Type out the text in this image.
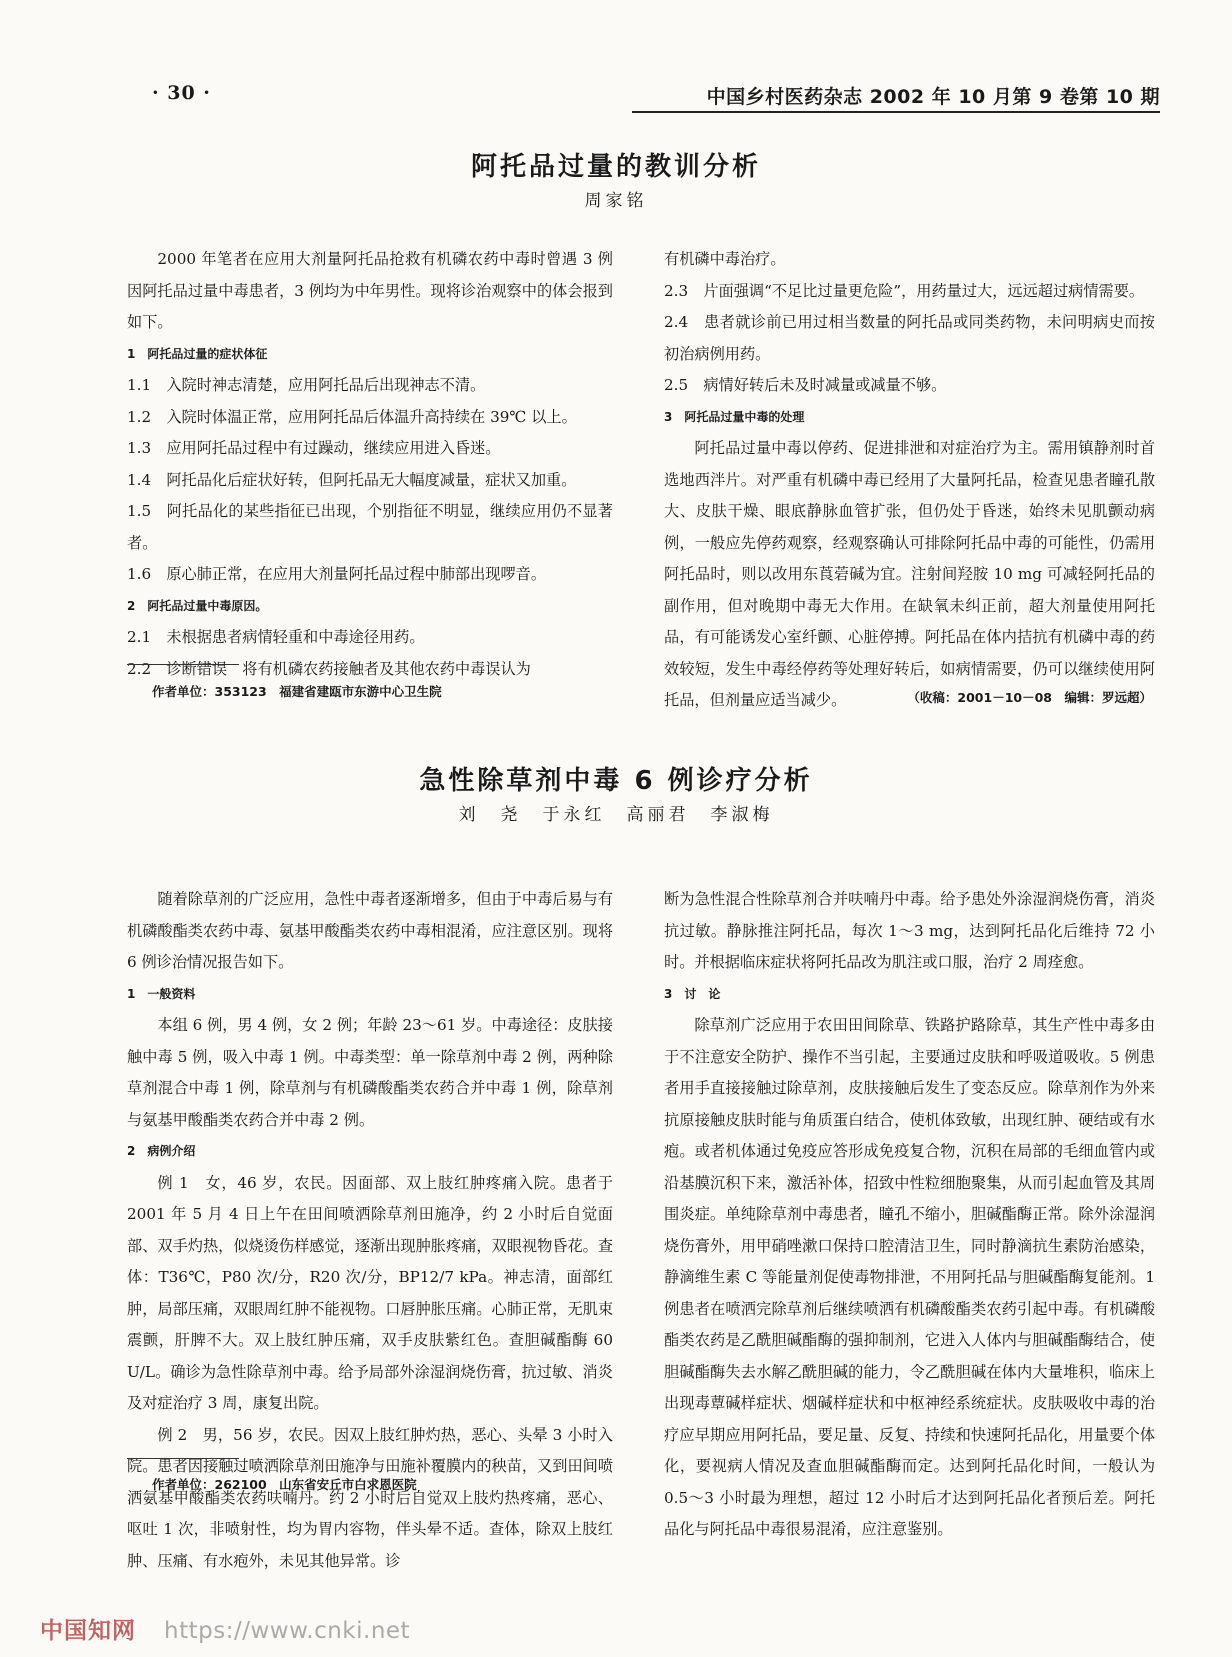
· 30 ·	中国乡村医药杂志 2002 年 10 月第 9 卷第 10 期
阿托品过量的教训分析
周家铭

2000 年笔者在应用大剂量阿托品抢救有机磷农药中毒时曾遇 3 例因阿托品过量中毒患者，3 例均为中年男性。现将诊治观察中的体会报到如下。

1　阿托品过量的症状体征

1.1　入院时神志清楚，应用阿托品后出现神志不清。

1.2　入院时体温正常，应用阿托品后体温升高持续在 39℃ 以上。

1.3　应用阿托品过程中有过躁动，继续应用进入昏迷。

1.4　阿托品化后症状好转，但阿托品无大幅度减量，症状又加重。

1.5　阿托品化的某些指征已出现，个别指征不明显，继续应用仍不显著者。

1.6　原心肺正常，在应用大剂量阿托品过程中肺部出现啰音。

2　阿托品过量中毒原因。

2.1　未根据患者病情轻重和中毒途径用药。

2.2　诊断错误　将有机磷农药接触者及其他农药中毒误认为

有机磷中毒治疗。

2.3　片面强调“不足比过量更危险”，用药量过大，远远超过病情需要。

2.4　患者就诊前已用过相当数量的阿托品或同类药物，未问明病史而按初治病例用药。

2.5　病情好转后未及时减量或减量不够。

3　阿托品过量中毒的处理

阿托品过量中毒以停药、促进排泄和对症治疗为主。需用镇静剂时首选地西泮片。对严重有机磷中毒已经用了大量阿托品，检查见患者瞳孔散大、皮肤干燥、眼底静脉血管扩张，但仍处于昏迷，始终未见肌颤动病例，一般应先停药观察，经观察确认可排除阿托品中毒的可能性，仍需用阿托品时，则以改用东莨菪碱为宜。注射间羟胺 10 mg 可减轻阿托品的副作用，但对晚期中毒无大作用。在缺氧未纠正前，超大剂量使用阿托品，有可能诱发心室纤颤、心脏停搏。阿托品在体内拮抗有机磷中毒的药效较短，发生中毒经停药等处理好转后，如病情需要，仍可以继续使用阿托品，但剂量应适当减少。

作者单位：353123　福建省建瓯市东游中心卫生院	（收稿：2001－10－08　编辑：罗远超）
急性除草剂中毒 6 例诊疗分析
刘　尧　于永红　高丽君　李淑梅

随着除草剂的广泛应用，急性中毒者逐渐增多，但由于中毒后易与有机磷酸酯类农药中毒、氨基甲酸酯类农药中毒相混淆，应注意区别。现将 6 例诊治情况报告如下。

1　一般资料

本组 6 例，男 4 例，女 2 例；年龄 23～61 岁。中毒途径：皮肤接触中毒 5 例，吸入中毒 1 例。中毒类型：单一除草剂中毒 2 例，两种除草剂混合中毒 1 例，除草剂与有机磷酸酯类农药合并中毒 1 例，除草剂与氨基甲酸酯类农药合并中毒 2 例。

2　病例介绍

例 1　女，46 岁，农民。因面部、双上肢红肿疼痛入院。患者于 2001 年 5 月 4 日上午在田间喷洒除草剂田施净，约 2 小时后自觉面部、双手灼热，似烧烫伤样感觉，逐渐出现肿胀疼痛，双眼视物昏花。查体：T36℃，P80 次/分，R20 次/分，BP12/7 kPa。神志清，面部红肿，局部压痛，双眼周红肿不能视物。口唇肿胀压痛。心肺正常，无肌束震颤，肝脾不大。双上肢红肿压痛，双手皮肤紫红色。查胆碱酯酶 60 U/L。确诊为急性除草剂中毒。给予局部外涂湿润烧伤膏，抗过敏、消炎及对症治疗 3 周，康复出院。

例 2　男，56 岁，农民。因双上肢红肿灼热，恶心、头晕 3 小时入院。患者因接触过喷洒除草剂田施净与田施补覆膜内的秧苗，又到田间喷洒氨基甲酸酯类农药呋喃丹。约 2 小时后自觉双上肢灼热疼痛，恶心、呕吐 1 次，非喷射性，均为胃内容物，伴头晕不适。查体，除双上肢红肿、压痛、有水疱外，未见其他异常。诊

断为急性混合性除草剂合并呋喃丹中毒。给予患处外涂湿润烧伤膏，消炎抗过敏。静脉推注阿托品，每次 1～3 mg，达到阿托品化后维持 72 小时。并根据临床症状将阿托品改为肌注或口服，治疗 2 周痊愈。

3　讨　论

除草剂广泛应用于农田田间除草、铁路护路除草，其生产性中毒多由于不注意安全防护、操作不当引起，主要通过皮肤和呼吸道吸收。5 例患者用手直接接触过除草剂，皮肤接触后发生了变态反应。除草剂作为外来抗原接触皮肤时能与角质蛋白结合，使机体致敏，出现红肿、硬结或有水疱。或者机体通过免疫应答形成免疫复合物，沉积在局部的毛细血管内或沿基膜沉积下来，激活补体，招致中性粒细胞聚集，从而引起血管及其周围炎症。单纯除草剂中毒患者，瞳孔不缩小，胆碱酯酶正常。除外涂湿润烧伤膏外，用甲硝唑漱口保持口腔清洁卫生，同时静滴抗生素防治感染，静滴维生素 C 等能量剂促使毒物排泄，不用阿托品与胆碱酯酶复能剂。1 例患者在喷洒完除草剂后继续喷洒有机磷酸酯类农药引起中毒。有机磷酸酯类农药是乙酰胆碱酯酶的强抑制剂，它进入人体内与胆碱酯酶结合，使胆碱酯酶失去水解乙酰胆碱的能力，令乙酰胆碱在体内大量堆积，临床上出现毒蕈碱样症状、烟碱样症状和中枢神经系统症状。皮肤吸收中毒的治疗应早期应用阿托品，要足量、反复、持续和快速阿托品化，用量要个体化，要视病人情况及查血胆碱酯酶而定。达到阿托品化时间，一般认为 0.5～3 小时最为理想，超过 12 小时后才达到阿托品化者预后差。阿托品化与阿托品中毒很易混淆，应注意鉴别。

作者单位：262100　山东省安丘市白求恩医院
中国知网 https://www.cnki.net
